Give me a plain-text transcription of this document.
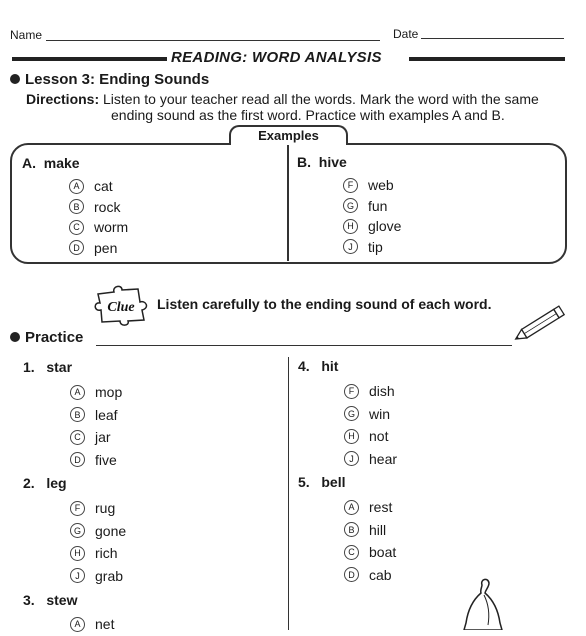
Name	Date
READING: WORD ANALYSIS
Lesson 3: Ending Sounds
Directions: Listen to your teacher read all the words. Mark the word with the same
ending sound as the first word. Practice with examples A and B.
Examples
A. make
A	cat
B	rock
C	worm
D	pen
B. hive
F	web
G fun
H	glove
J	tip
Clue Listen carefully to the ending sound of each word.
Practice
1. star
A	mop
B	leaf
C	jar
D	five
2. leg
F	rug
G gone
H	rich
J	grab
3. stew
A	net
4. hit
F	dish
G win
H	not
J	hear
5. bell
A	rest
B	hill
C	boat
D	cab
